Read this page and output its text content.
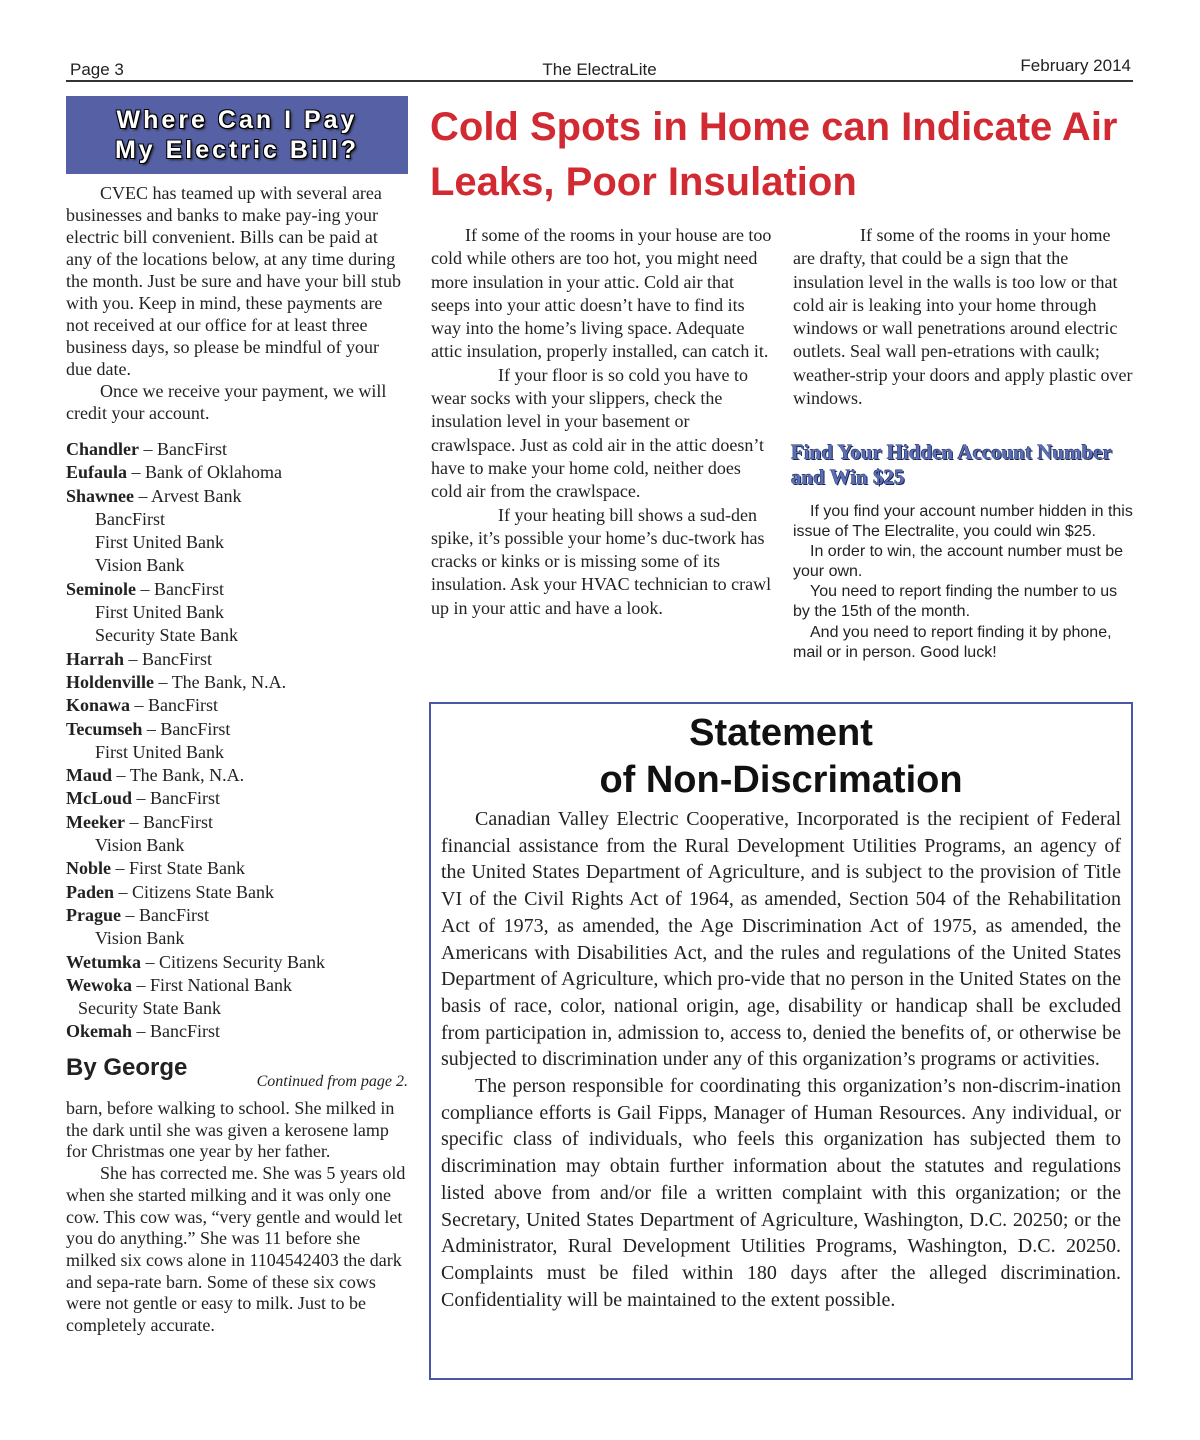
Page 3	The ElectraLite	February 2014
Where Can I Pay
My Electric Bill?

CVEC has teamed up with several area businesses and banks to make pay-ing your electric bill convenient. Bills can be paid at any of the locations below, at any time during the month. Just be sure and have your bill stub with you. Keep in mind, these payments are not received at our office for at least three business days, so please be mindful of your due date.

Once we receive your payment, we will credit your account.

Chandler – BancFirst
Eufaula – Bank of Oklahoma
Shawnee – Arvest Bank
BancFirst
First United Bank
Vision Bank
Seminole – BancFirst
First United Bank
Security State Bank
Harrah – BancFirst
Holdenville – The Bank, N.A.
Konawa – BancFirst
Tecumseh – BancFirst
First United Bank
Maud – The Bank, N.A.
McLoud – BancFirst
Meeker – BancFirst
Vision Bank
Noble – First State Bank
Paden – Citizens State Bank
Prague – BancFirst
Vision Bank
Wetumka – Citizens Security Bank
Wewoka – First National Bank
Security State Bank
Okemah – BancFirst
By George
Continued from page 2.

barn, before walking to school. She milked in the dark until she was given a kerosene lamp for Christmas one year by her father.

She has corrected me. She was 5 years old when she started milking and it was only one cow. This cow was, “very gentle and would let you do anything.” She was 11 before she milked six cows alone in 1104542403 the dark and sepa-rate barn. Some of these six cows were not gentle or easy to milk. Just to be completely accurate.

Cold Spots in Home can Indicate Air Leaks, Poor Insulation

If some of the rooms in your house are too cold while others are too hot, you might need more insulation in your attic. Cold air that seeps into your attic doesn’t have to find its way into the home’s living space. Adequate attic insulation, properly installed, can catch it.

If your floor is so cold you have to wear socks with your slippers, check the insulation level in your basement or crawlspace. Just as cold air in the attic doesn’t have to make your home cold, neither does cold air from the crawlspace.

If your heating bill shows a sud-den spike, it’s possible your home’s duc-twork has cracks or kinks or is missing some of its insulation. Ask your HVAC technician to crawl up in your attic and have a look.

If some of the rooms in your home are drafty, that could be a sign that the insulation level in the walls is too low or that cold air is leaking into your home through windows or wall penetrations around electric outlets. Seal wall pen-etrations with caulk; weather-strip your doors and apply plastic over windows.

Find Your Hidden Account Number and Win $25

If you find your account number hidden in this issue of The Electralite, you could win $25.

In order to win, the account number must be your own.

You need to report finding the number to us by the 15th of the month.

And you need to report finding it by phone, mail or in person. Good luck!

Statement
of Non-Discrimation

Canadian Valley Electric Cooperative, Incorporated is the recipient of Federal financial assistance from the Rural Development Utilities Programs, an agency of the United States Department of Agriculture, and is subject to the provision of Title VI of the Civil Rights Act of 1964, as amended, Section 504 of the Rehabilitation Act of 1973, as amended, the Age Discrimination Act of 1975, as amended, the Americans with Disabilities Act, and the rules and regulations of the United States Department of Agriculture, which pro-vide that no person in the United States on the basis of race, color, national origin, age, disability or handicap shall be excluded from participation in, admission to, access to, denied the benefits of, or otherwise be subjected to discrimination under any of this organization’s programs or activities.

The person responsible for coordinating this organization’s non-discrim-ination compliance efforts is Gail Fipps, Manager of Human Resources. Any individual, or specific class of individuals, who feels this organization has subjected them to discrimination may obtain further information about the statutes and regulations listed above from and/or file a written complaint with this organization; or the Secretary, United States Department of Agriculture, Washington, D.C. 20250; or the Administrator, Rural Development Utilities Programs, Washington, D.C. 20250. Complaints must be filed within 180 days after the alleged discrimination. Confidentiality will be maintained to the extent possible.
